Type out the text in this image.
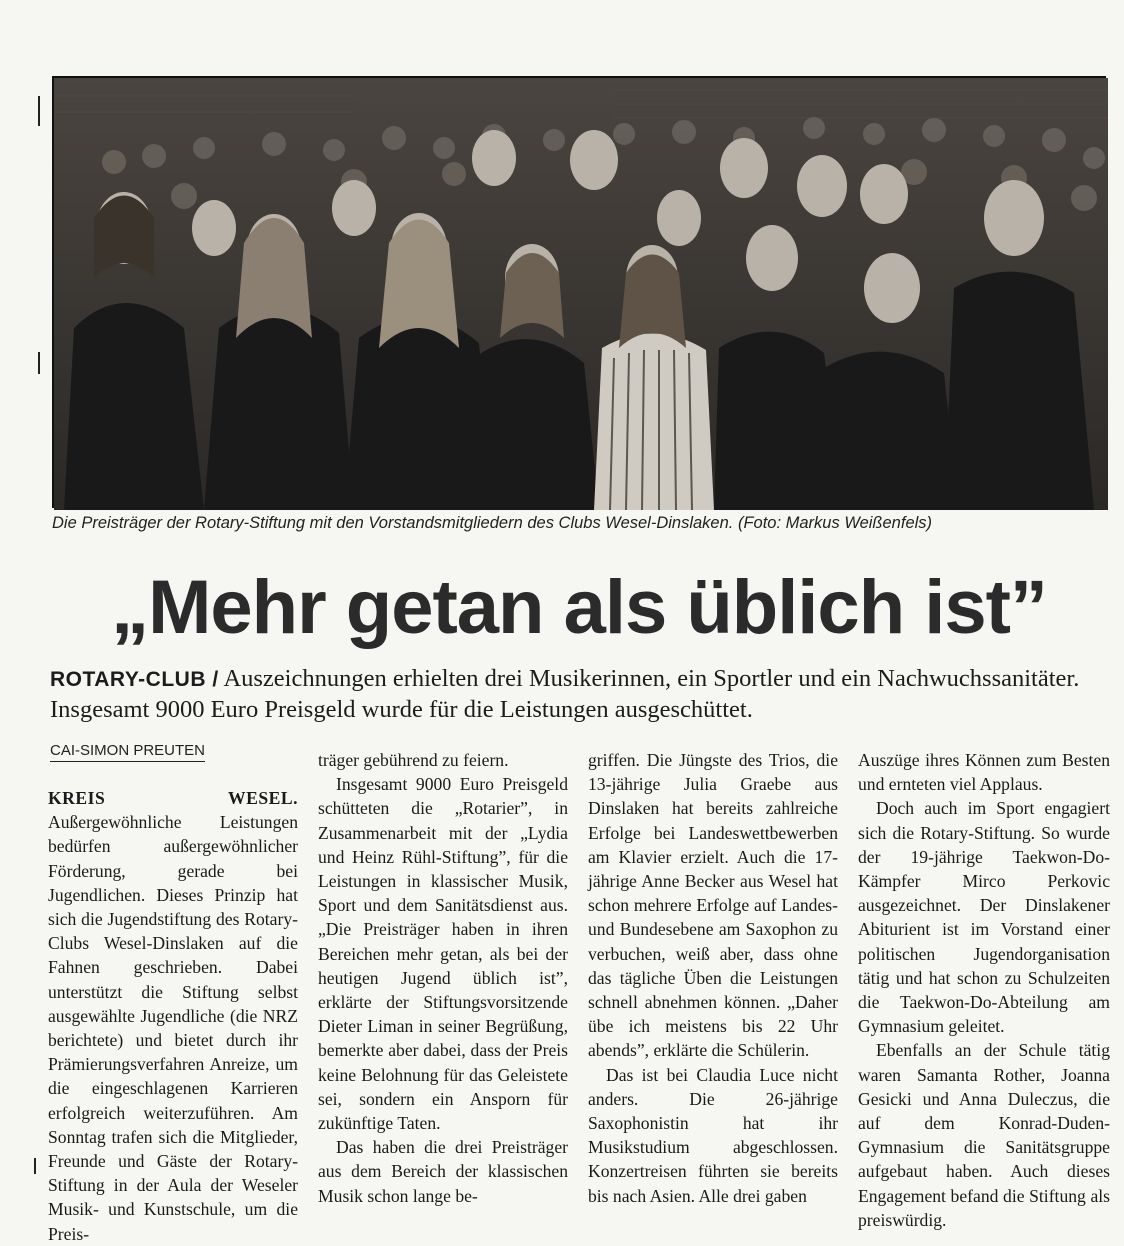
Die Preisträger der Rotary-Stiftung mit den Vorstandsmitgliedern des Clubs Wesel-Dinslaken. (Foto: Markus Weißenfels)
„Mehr getan als üblich ist”
ROTARY-CLUB / Auszeichnungen erhielten drei Musikerinnen, ein Sportler und ein Nachwuchssanitäter. Insgesamt 9000 Euro Preisgeld wurde für die Leistungen ausgeschüttet.
CAI-SIMON PREUTEN

KREIS WESEL. Außergewöhnliche Leistungen bedürfen außergewöhnlicher Förderung, gerade bei Jugendlichen. Dieses Prinzip hat sich die Jugendstiftung des Rotary-Clubs Wesel-Dinslaken auf die Fahnen geschrieben. Dabei unterstützt die Stiftung selbst ausgewählte Jugendliche (die NRZ berichtete) und bietet durch ihr Prämierungsverfahren Anreize, um die eingeschlagenen Karrieren erfolgreich weiterzuführen. Am Sonntag trafen sich die Mitglieder, Freunde und Gäste der Rotary-Stiftung in der Aula der Weseler Musik- und Kunstschule, um die Preis-

träger gebührend zu feiern.

Insgesamt 9000 Euro Preisgeld schütteten die „Rotarier”, in Zusammenarbeit mit der „Lydia und Heinz Rühl-Stiftung”, für die Leistungen in klassischer Musik, Sport und dem Sanitätsdienst aus. „Die Preisträger haben in ihren Bereichen mehr getan, als bei der heutigen Jugend üblich ist”, erklärte der Stiftungsvorsitzende Dieter Liman in seiner Begrüßung, bemerkte aber dabei, dass der Preis keine Belohnung für das Geleistete sei, sondern ein Ansporn für zukünftige Taten.

Das haben die drei Preisträger aus dem Bereich der klassischen Musik schon lange be-

griffen. Die Jüngste des Trios, die 13-jährige Julia Graebe aus Dinslaken hat bereits zahlreiche Erfolge bei Landeswettbewerben am Klavier erzielt. Auch die 17-jährige Anne Becker aus Wesel hat schon mehrere Erfolge auf Landes- und Bundesebene am Saxophon zu verbuchen, weiß aber, dass ohne das tägliche Üben die Leistungen schnell abnehmen können. „Daher übe ich meistens bis 22 Uhr abends”, erklärte die Schülerin.

Das ist bei Claudia Luce nicht anders. Die 26-jährige Saxophonistin hat ihr Musikstudium abgeschlossen. Konzertreisen führten sie bereits bis nach Asien. Alle drei gaben

Auszüge ihres Können zum Besten und ernteten viel Applaus.

Doch auch im Sport engagiert sich die Rotary-Stiftung. So wurde der 19-jährige Taekwon-Do-Kämpfer Mirco Perkovic ausgezeichnet. Der Dinslakener Abiturient ist im Vorstand einer politischen Jugendorganisation tätig und hat schon zu Schulzeiten die Taekwon-Do-Abteilung am Gymnasium geleitet.

Ebenfalls an der Schule tätig waren Samanta Rother, Joanna Gesicki und Anna Duleczus, die auf dem Konrad-Duden-Gymnasium die Sanitätsgruppe aufgebaut haben. Auch dieses Engagement befand die Stiftung als preiswürdig.
